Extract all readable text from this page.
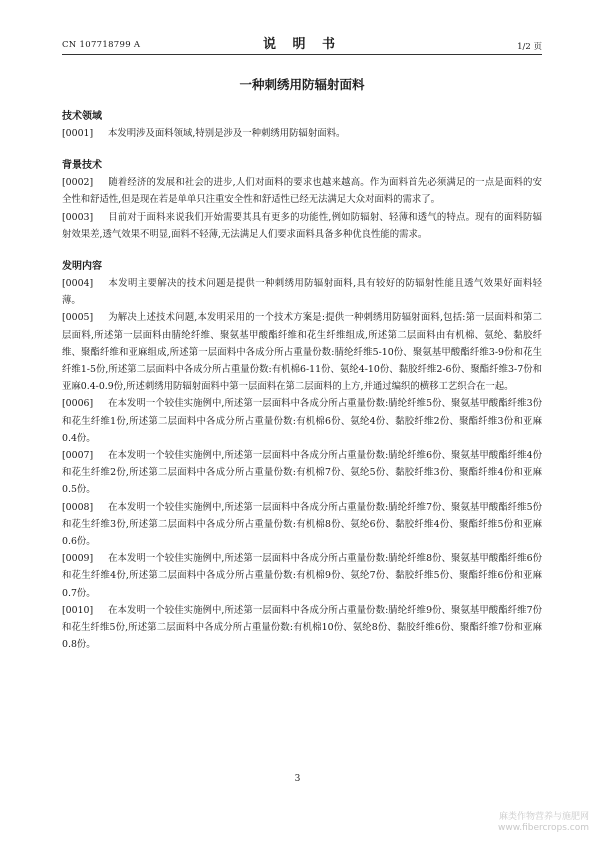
CN 107718799 A	说 明 书	1/2 页
一种刺绣用防辐射面料
技术领域

[0001] 本发明涉及面料领域,特别是涉及一种刺绣用防辐射面料。

背景技术

[0002] 随着经济的发展和社会的进步,人们对面料的要求也越来越高。作为面料首先必须满足的一点是面料的安全性和舒适性,但是现在若是单单只注重安全性和舒适性已经无法满足大众对面料的需求了。

[0003] 目前对于面料来说我们开始需要其具有更多的功能性,例如防辐射、轻薄和透气的特点。现有的面料防辐射效果差,透气效果不明显,面料不轻薄,无法满足人们要求面料具备多种优良性能的需求。

发明内容

[0004] 本发明主要解决的技术问题是提供一种刺绣用防辐射面料,具有较好的防辐射性能且透气效果好面料轻薄。

[0005] 为解决上述技术问题,本发明采用的一个技术方案是:提供一种刺绣用防辐射面料,包括:第一层面料和第二层面料,所述第一层面料由腈纶纤维、聚氨基甲酸酯纤维和花生纤维组成,所述第二层面料由有机棉、氨纶、黏胶纤维、聚酯纤维和亚麻组成,所述第一层面料中各成分所占重量份数:腈纶纤维5-10份、聚氨基甲酸酯纤维3-9份和花生纤维1-5份,所述第二层面料中各成分所占重量份数:有机棉6-11份、氨纶4-10份、黏胶纤维2-6份、聚酯纤维3-7份和亚麻0.4-0.9份,所述刺绣用防辐射面料中第一层面料在第二层面料的上方,并通过编织的横移工艺织合在一起。

[0006] 在本发明一个较佳实施例中,所述第一层面料中各成分所占重量份数:腈纶纤维5份、聚氨基甲酸酯纤维3份和花生纤维1份,所述第二层面料中各成分所占重量份数:有机棉6份、氨纶4份、黏胶纤维2份、聚酯纤维3份和亚麻0.4份。

[0007] 在本发明一个较佳实施例中,所述第一层面料中各成分所占重量份数:腈纶纤维6份、聚氨基甲酸酯纤维4份和花生纤维2份,所述第二层面料中各成分所占重量份数:有机棉7份、氨纶5份、黏胶纤维3份、聚酯纤维4份和亚麻0.5份。

[0008] 在本发明一个较佳实施例中,所述第一层面料中各成分所占重量份数:腈纶纤维7份、聚氨基甲酸酯纤维5份和花生纤维3份,所述第二层面料中各成分所占重量份数:有机棉8份、氨纶6份、黏胶纤维4份、聚酯纤维5份和亚麻0.6份。

[0009] 在本发明一个较佳实施例中,所述第一层面料中各成分所占重量份数:腈纶纤维8份、聚氨基甲酸酯纤维6份和花生纤维4份,所述第二层面料中各成分所占重量份数:有机棉9份、氨纶7份、黏胶纤维5份、聚酯纤维6份和亚麻0.7份。

[0010] 在本发明一个较佳实施例中,所述第一层面料中各成分所占重量份数:腈纶纤维9份、聚氨基甲酸酯纤维7份和花生纤维5份,所述第二层面料中各成分所占重量份数:有机棉10份、氨纶8份、黏胶纤维6份、聚酯纤维7份和亚麻0.8份。

3
麻类作物营养与施肥网
www.fibercrops.com
